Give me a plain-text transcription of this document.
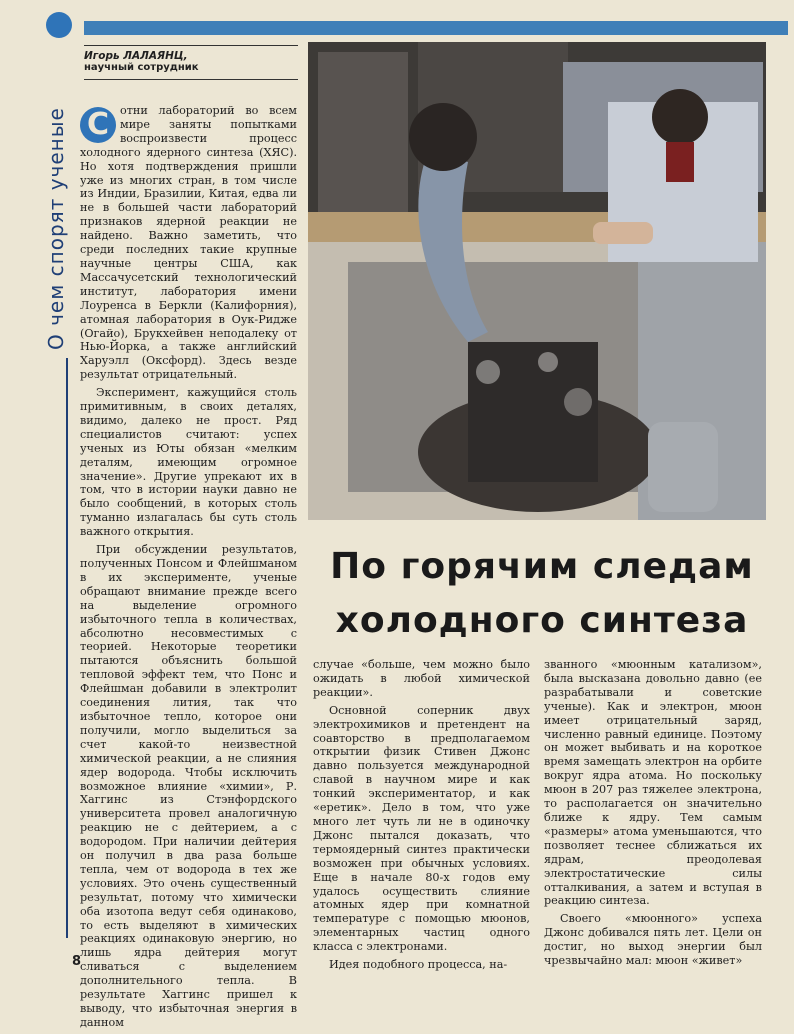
О чем спорят ученые
Игорь ЛАЛАЯНЦ,
научный сотрудник
По горячим следам
холодного синтеза
С отни лабораторий во всем мире заняты попытками воспроизвести процесс холодного ядерного синтеза (ХЯС). Но хотя подтверждения пришли уже из многих стран, в том числе из Индии, Бразилии, Китая, едва ли не в большей части лабораторий признаков ядерной реакции не найдено. Важно заметить, что среди последних такие крупные научные центры США, как Массачусетский технологический институт, лаборатория имени Лоуренса в Беркли (Калифорния), атомная лаборатория в Оук-Ридже (Огайо), Брукхейвен неподалеку от Нью-Йорка, а также английский Харуэлл (Оксфорд). Здесь везде результат отрицательный.

Эксперимент, кажущийся столь примитивным, в своих деталях, видимо, далеко не прост. Ряд специалистов считают: успех ученых из Юты обязан «мелким деталям, имеющим огромное значение». Другие упрекают их в том, что в истории науки давно не было сообщений, в которых столь туманно излагалась бы суть столь важного открытия.

При обсуждении результатов, полученных Понсом и Флейшманом в их эксперименте, ученые обращают внимание прежде всего на выделение огромного избыточного тепла в количествах, абсолютно несовместимых с теорией. Некоторые теоретики пытаются объяснить большой тепловой эффект тем, что Понс и Флейшман добавили в электролит соединения лития, так что избыточное тепло, которое они получили, могло выделиться за счет какой-то неизвестной химической реакции, а не слияния ядер водорода. Чтобы исключить возможное влияние «химии», Р. Хаггинс из Стэнфордского университета провел аналогичную реакцию не с дейтерием, а с водородом. При наличии дейтерия он получил в два раза больше тепла, чем от водорода в тех же условиях. Это очень существенный результат, потому что химически оба изотопа ведут себя одинаково, то есть выделяют в химических реакциях одинаковую энергию, но лишь ядра дейтерия могут сливаться с выделением дополнительного тепла. В результате Хаггинс пришел к выводу, что избыточная энергия в данном

случае «больше, чем можно было ожидать в любой химической реакции».

Основной соперник двух электрохимиков и претендент на соавторство в предполагаемом открытии физик Стивен Джонс давно пользуется международной славой в научном мире и как тонкий экспериментатор, и как «еретик». Дело в том, что уже много лет чуть ли не в одиночку Джонс пытался доказать, что термоядерный синтез практически возможен при обычных условиях. Еще в начале 80-х годов ему удалось осуществить слияние атомных ядер при комнатной температуре с помощью мюонов, элементарных частиц одного класса с электронами.

Идея подобного процесса, на-

званного «мюонным катализом», была высказана довольно давно (ее разрабатывали и советские ученые). Как и электрон, мюон имеет отрицательный заряд, численно равный единице. Поэтому он может выбивать и на короткое время замещать электрон на орбите вокруг ядра атома. Но поскольку мюон в 207 раз тяжелее электрона, то располагается он значительно ближе к ядру. Тем самым «размеры» атома уменьшаются, что позволяет теснее сближаться их ядрам, преодолевая электростатические силы отталкивания, а затем и вступая в реакцию синтеза.

Своего «мюонного» успеха Джонс добивался пять лет. Цели он достиг, но выход энергии был чрезвычайно мал: мюон «живет»

8
